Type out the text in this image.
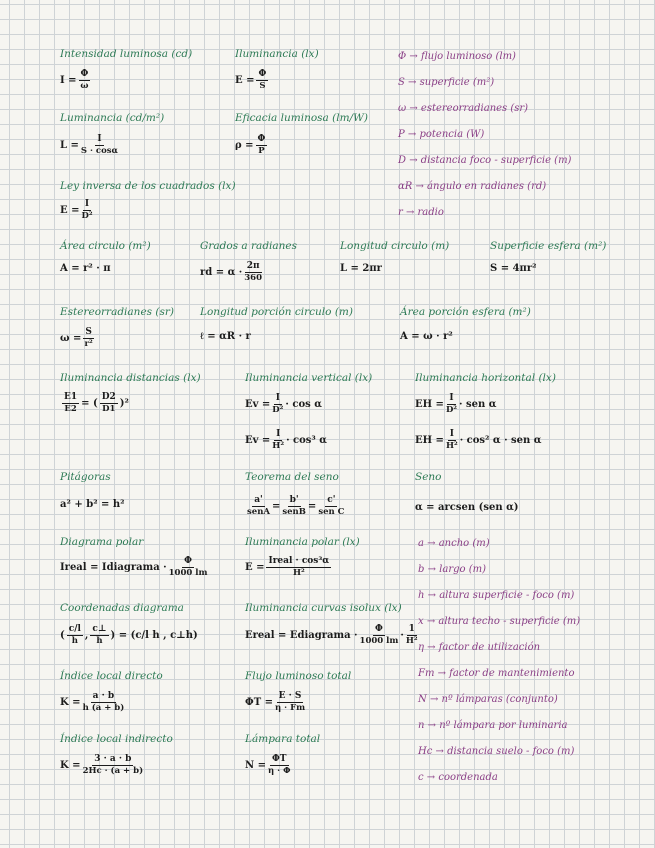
Intensidad luminosa (cd)
$I = \frac{\Phi}{\omega}$
Iluminancia (lx)
$E = \frac{\Phi}{S}$
Luminancia (cd/m²)
$L = \frac{I}{S \cdot \cos\alpha}$
Eficacia luminosa (lm/W)
$\rho = \frac{\Phi}{P}$
Φ → flujo luminoso (lm)
S → superficie (m²)
ω → estereorradianes (sr)
P → potencia (W)
D → distancia foco - superficie (m)
αR → ángulo en radianes (rd)
r → radio
Ley inversa de los cuadrados (lx)
$E = \frac{I}{\text{D²}}$
Área circulo (m²)
A = r² · π
Grados a radianes
rd = $\alpha \cdot \frac{2\pi}{360}$
Longitud circulo (m)
L = 2πr
Superficie esfera (m²)
S = 4πr²
Estereorradianes (sr)
$\omega = \frac{S}{\text{r²}}$
Longitud porción circulo (m)
ℓ = αR · r
Área porción esfera (m²)
A = ω · r²
Iluminancia distancias (lx)
$\frac{E1}{E2}$ = ( $\frac{D2}{D1} )^2$
Iluminancia vertical (lx)
$Ev = \frac{I}{\text{D²}} \cdot \cos \alpha$
$Ev = \frac{I}{\text{H²}} \cdot \cos^3$ α
Iluminancia horizontal (lx)
EH = $\frac{I}{\text{D²}}$ · sen α
EH = $\frac{I}{\text{H²}} \cdot \cos^2$ α · sen α
Pitágoras
a² + b² = h²
Teorema del seno
a'
senA
=
b'
senB
=
c'
sen C
Seno
α = arcsen (sen α)
Diagrama polar
Ireal = Idiagrama · $\frac{\Phi}{1000 lm}$
Iluminancia polar (lx)
E =
Ireal · cos³α
H²
Coordenadas diagrama
( $\frac{c/l}{h}$ , $\frac{c\perp}{h}$ ) = (c/l h , c⊥h)
Iluminancia curvas isolux (lx)
Ereal = Ediagrama · $\frac{\Phi}{1000 lm} \cdot \frac{1}{\text{H²}}$
Índice local directo
$K = \frac{a \cdot b}{h (a + b)}$
Flujo luminoso total
$\Phi T = \frac{E \cdot S}{\eta \cdot Fm}$
Índice local indirecto
$K = \frac{3 \cdot a \cdot b}{2Hc \cdot (a + b)}$
Lámpara total
$N = \frac{\Phi T}{\eta \cdot \Phi}$
a → ancho (m)
b → largo (m)
h → altura superficie - foco (m)
x → altura techo - superficie (m)
η → factor de utilización
Fm → factor de mantenimiento
N → nº lámparas (conjunto)
n → nº lámpara por luminaria
Hc → distancia suelo - foco (m)
c → coordenada
